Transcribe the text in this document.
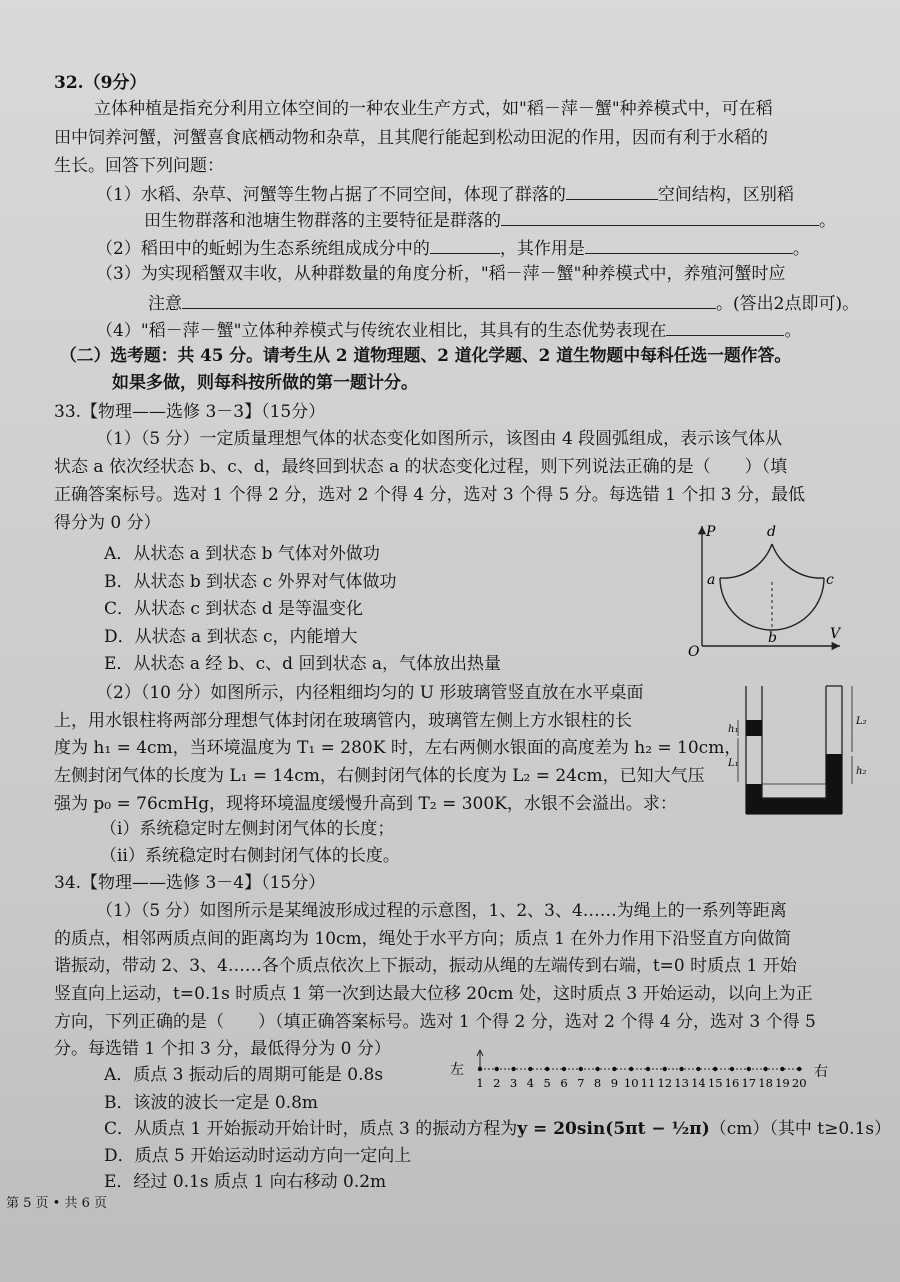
32.（9分）
立体种植是指充分利用立体空间的一种农业生产方式，如"稻－萍－蟹"种养模式中，可在稻
田中饲养河蟹，河蟹喜食底栖动物和杂草，且其爬行能起到松动田泥的作用，因而有利于水稻的
生长。回答下列问题：
（1）水稻、杂草、河蟹等生物占据了不同空间，体现了群落的	空间结构，区别稻
田生物群落和池塘生物群落的主要特征是群落的	。
（2）稻田中的蚯蚓为生态系统组成成分中的	，其作用是	。
（3）为实现稻蟹双丰收，从种群数量的角度分析，"稻－萍－蟹"种养模式中，养殖河蟹时应
注意	。(答出2点即可)。
（4）"稻－萍－蟹"立体种养模式与传统农业相比，其具有的生态优势表现在	。
（二）选考题：共 45 分。请考生从 2 道物理题、2 道化学题、2 道生物题中每科任选一题作答。
如果多做，则每科按所做的第一题计分。
33.【物理——选修 3－3】（15分）
（1）（5 分）一定质量理想气体的状态变化如图所示，该图由 4 段圆弧组成，表示该气体从
状态 a 依次经状态 b、c、d，最终回到状态 a 的状态变化过程，则下列说法正确的是（　　）（填
正确答案标号。选对 1 个得 2 分，选对 2 个得 4 分，选对 3 个得 5 分。每选错 1 个扣 3 分，最低
得分为 0 分）
A．从状态 a 到状态 b 气体对外做功
B．从状态 b 到状态 c 外界对气体做功
C．从状态 c 到状态 d 是等温变化
D．从状态 a 到状态 c，内能增大
E．从状态 a 经 b、c、d 回到状态 a，气体放出热量
P
V
O
a
b
c
d
（2）（10 分）如图所示，内径粗细均匀的 U 形玻璃管竖直放在水平桌面
上，用水银柱将两部分理想气体封闭在玻璃管内，玻璃管左侧上方水银柱的长
度为 h₁ = 4cm，当环境温度为 T₁ = 280K 时，左右两侧水银面的高度差为 h₂ = 10cm，
左侧封闭气体的长度为 L₁ = 14cm，右侧封闭气体的长度为 L₂ = 24cm，已知大气压
强为 p₀ = 76cmHg，现将环境温度缓慢升高到 T₂ = 300K，水银不会溢出。求：
（ⅰ）系统稳定时左侧封闭气体的长度；
（ⅱ）系统稳定时右侧封闭气体的长度。
h₁
L₁
L₂
h₂
34.【物理——选修 3－4】（15分）
（1）（5 分）如图所示是某绳波形成过程的示意图，1、2、3、4……为绳上的一系列等距离
的质点，相邻两质点间的距离均为 10cm，绳处于水平方向；质点 1 在外力作用下沿竖直方向做简
谐振动，带动 2、3、4……各个质点依次上下振动，振动从绳的左端传到右端，t=0 时质点 1 开始
竖直向上运动，t=0.1s 时质点 1 第一次到达最大位移 20cm 处，这时质点 3 开始运动，以向上为正
方向，下列正确的是（　　）（填正确答案标号。选对 1 个得 2 分，选对 2 个得 4 分，选对 3 个得 5
分。每选错 1 个扣 3 分，最低得分为 0 分）
左
1 2 3 4 5 6 7 8 9 10 11 12 13 14 15 16 17 18 19 20
右
A．质点 3 振动后的周期可能是 0.8s
B．该波的波长一定是 0.8m
C．从质点 1 开始振动开始计时，质点 3 的振动方程为y = 20sin(5πt − ½π)（cm）（其中 t≥0.1s）
D．质点 5 开始运动时运动方向一定向上
E．经过 0.1s 质点 1 向右移动 0.2m
第 5 页 • 共 6 页
